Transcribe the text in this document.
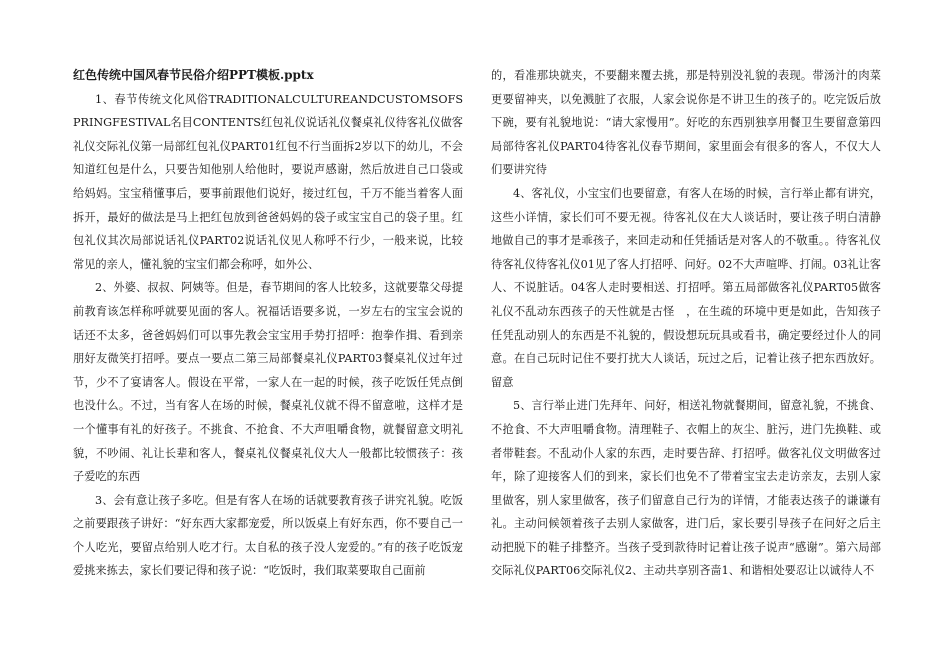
红色传统中国风春节民俗介绍PPT模板.pptx

1、春节传统文化风俗TRADITIONALCULTUREANDCUSTOMSOFSPRINGFESTIVAL名目CONTENTS红包礼仪说话礼仪餐桌礼仪待客礼仪做客礼仪交际礼仪第一局部红包礼仪PART01红包不行当面拆2岁以下的幼儿，不会知道红包是什么，只要告知他别人给他时，要说声感谢，然后放进自己口袋或给妈妈。宝宝稍懂事后，要事前跟他们说好，接过红包，千万不能当着客人面拆开，最好的做法是马上把红包放到爸爸妈妈的袋子或宝宝自己的袋子里。红包礼仪其次局部说话礼仪PART02说话礼仪见人称呼不行少，一般来说，比较常见的亲人，懂礼貌的宝宝们都会称呼，如外公、

2、外婆、叔叔、阿姨等。但是，春节期间的客人比较多，这就要靠父母提前教育该怎样称呼就要见面的客人。祝福话语要多说，一岁左右的宝宝会说的话还不太多，爸爸妈妈们可以事先教会宝宝用手势打招呼：抱拳作揖、看到亲朋好友微笑打招呼。要点一要点二第三局部餐桌礼仪PART03餐桌礼仪过年过节，少不了宴请客人。假设在平常，一家人在一起的时候，孩子吃饭任凭点倒也没什么。不过，当有客人在场的时候，餐桌礼仪就不得不留意啦，这样才是一个懂事有礼的好孩子。不挑食、不抢食、不大声咀嚼食物，就餐留意文明礼貌，不吵闹、礼让长辈和客人，餐桌礼仪餐桌礼仪大人一般都比较惯孩子：孩子爱吃的东西

3、会有意让孩子多吃。但是有客人在场的话就要教育孩子讲究礼貌。吃饭之前要跟孩子讲好：“好东西大家都宠爱，所以饭桌上有好东西，你不要自己一个人吃光，要留点给别人吃才行。太自私的孩子没人宠爱的。”有的孩子吃饭宠爱挑来拣去，家长们要记得和孩子说：“吃饭时，我们取菜要取自己面前

的，看准那块就夹，不要翻来覆去挑，那是特别没礼貌的表现。带汤汁的肉菜更要留神夹，以免溅脏了衣服，人家会说你是不讲卫生的孩子的。吃完饭后放下碗，要有礼貌地说：“请大家慢用”。好吃的东西别独享用餐卫生要留意第四局部待客礼仪PART04待客礼仪春节期间，家里面会有很多的客人，不仅大人们要讲究待

4、客礼仪，小宝宝们也要留意，有客人在场的时候，言行举止都有讲究，这些小详情，家长们可不要无视。待客礼仪在大人谈话时，要让孩子明白清静地做自己的事才是乖孩子，来回走动和任凭插话是对客人的不敬重。。待客礼仪待客礼仪待客礼仪01见了客人打招呼、问好。02不大声喧哗、打闹。03礼让客人、不说脏话。04客人走时要相送、打招呼。第五局部做客礼仪PART05做客礼仪不乱动东西孩子的天性就是古怪　，在生疏的环境中更是如此，告知孩子任凭乱动别人的东西是不礼貌的，假设想玩玩具或看书，确定要经过仆人的同意。在自己玩时记住不要打扰大人谈话，玩过之后，记着让孩子把东西放好。留意

5、言行举止进门先拜年、问好，相送礼物就餐期间，留意礼貌，不挑食、不抢食、不大声咀嚼食物。清理鞋子、衣帽上的灰尘、脏污，进门先换鞋、或者带鞋套。不乱动仆人家的东西，走时要告辞、打招呼。做客礼仪文明做客过年，除了迎接客人们的到来，家长们也免不了带着宝宝去走访亲友，去别人家里做客，别人家里做客，孩子们留意自己行为的详情，才能表达孩子的谦谦有礼。主动问候领着孩子去别人家做客，进门后，家长要引导孩子在问好之后主动把脱下的鞋子排整齐。当孩子受到款待时记着让孩子说声“感谢”。第六局部交际礼仪PART06交际礼仪2、主动共享别吝啬1、和谐相处要忍让以诚待人不
